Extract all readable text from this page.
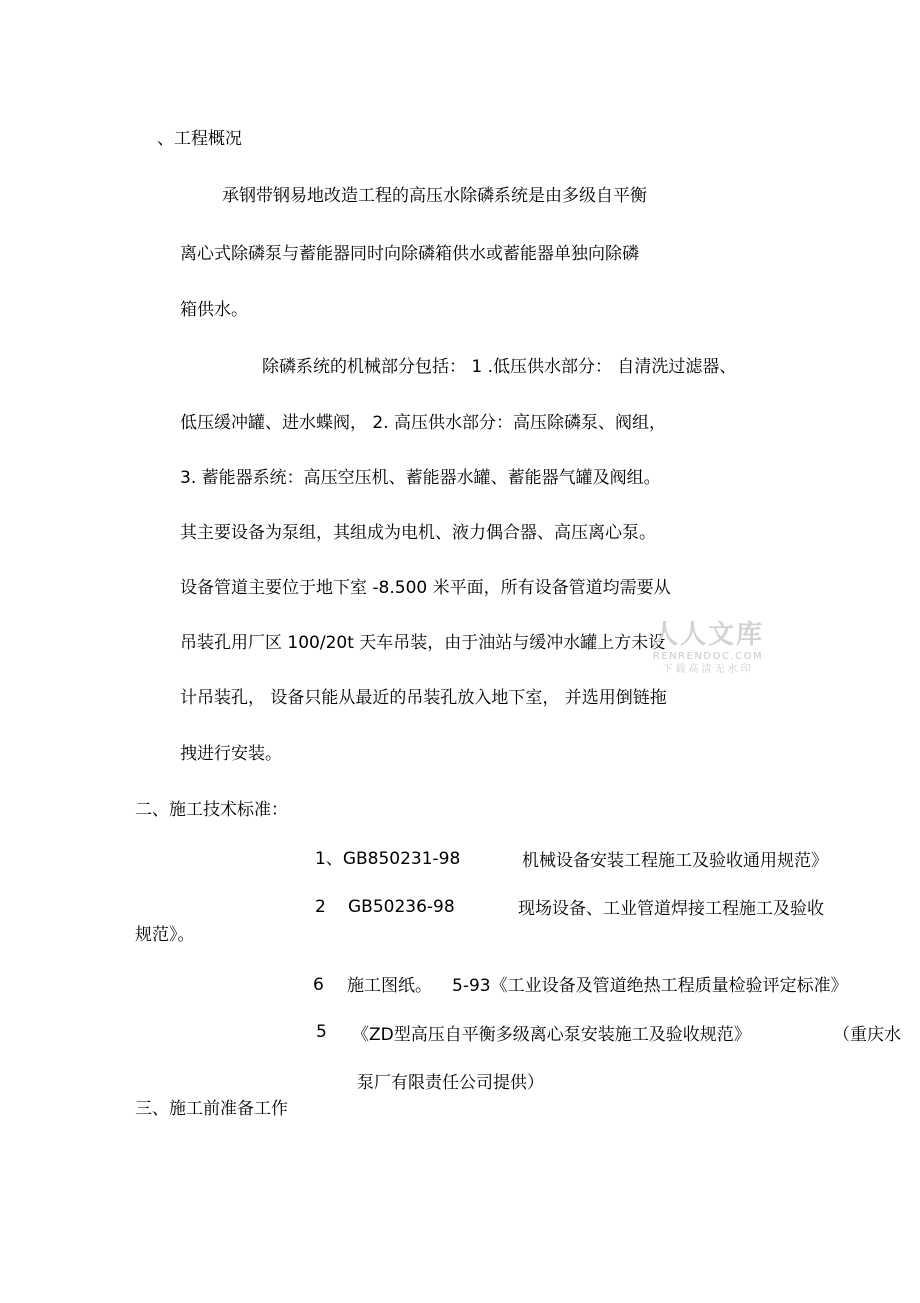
、工程概况
承钢带钢易地改造工程的高压水除磷系统是由多级自平衡
离心式除磷泵与蓄能器同时向除磷箱供水或蓄能器单独向除磷
箱供水。
除磷系统的机械部分包括： 1 .低压供水部分： 自清洗过滤器、
低压缓冲罐、进水蝶阀， 2. 高压供水部分：高压除磷泵、阀组，
3. 蓄能器系统：高压空压机、蓄能器水罐、蓄能器气罐及阀组。
其主要设备为泵组，其组成为电机、液力偶合器、高压离心泵。
设备管道主要位于地下室 -8.500 米平面，所有设备管道均需要从
吊装孔用厂区 100/20t 天车吊装，由于油站与缓冲水罐上方未设
计吊装孔， 设备只能从最近的吊装孔放入地下室， 并选用倒链拖
拽进行安装。
人人文库
RENRENDOC.COM
下载高清无水印
二、施工技术标准：
1、GB850231-98	机械设备安装工程施工及验收通用规范》
2 GB50236-98	现场设备、工业管道焊接工程施工及验收
规范》。
6 施工图纸。 5-93《工业设备及管道绝热工程质量检验评定标准》
5 《ZD型高压自平衡多级离心泵安装施工及验收规范》	（重庆水
泵厂有限责任公司提供）
三、施工前准备工作
